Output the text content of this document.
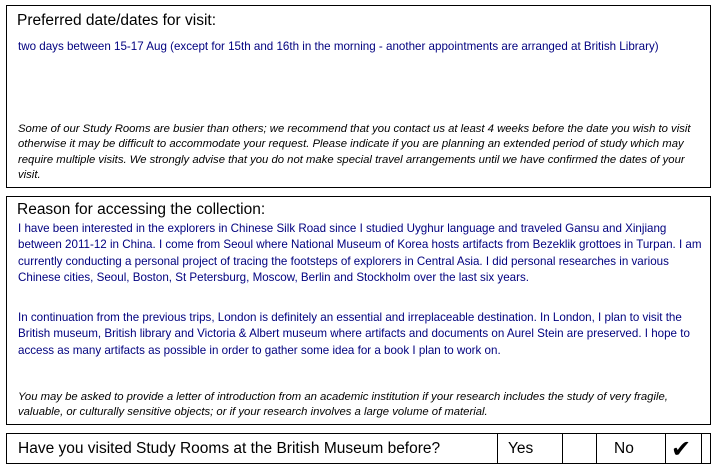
Preferred date/dates for visit:
two days between 15-17 Aug (except for 15th and 16th in the morning - another appointments are arranged at British Library)
Some of our Study Rooms are busier than others; we recommend that you contact us at least 4 weeks before the date you wish to visit otherwise it may be difficult to accommodate your request. Please indicate if you are planning an extended period of study which may require multiple visits. We strongly advise that you do not make special travel arrangements until we have confirmed the dates of your visit.
Reason for accessing the collection:
I have been interested in the explorers in Chinese Silk Road since I studied Uyghur language and traveled Gansu and Xinjiang between 2011-12 in China. I come from Seoul where National Museum of Korea hosts artifacts from Bezeklik grottoes in Turpan. I am currently conducting a personal project of tracing the footsteps of explorers in Central Asia. I did personal researches in various Chinese cities, Seoul, Boston, St Petersburg, Moscow, Berlin and Stockholm over the last six years.
In continuation from the previous trips, London is definitely an essential and irreplaceable destination. In London, I plan to visit the British museum, British library and Victoria & Albert museum where artifacts and documents on Aurel Stein are preserved. I hope to access as many artifacts as possible in order to gather some idea for a book I plan to work on.
You may be asked to provide a letter of introduction from an academic institution if your research includes the study of very fragile, valuable, or culturally sensitive objects; or if your research involves a large volume of material.
Have you visited Study Rooms at the British Museum before?	Yes	No ✔
